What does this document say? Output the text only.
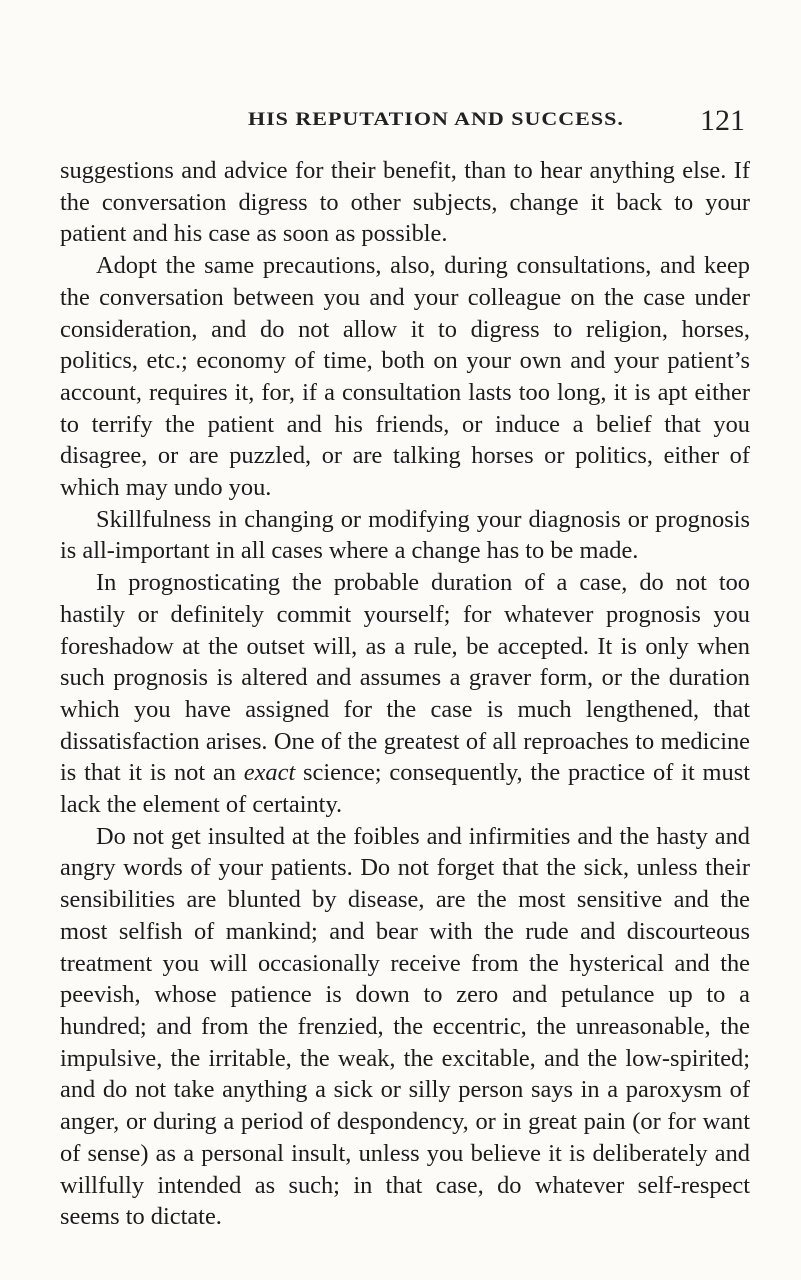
HIS REPUTATION AND SUCCESS.	121

suggestions and advice for their benefit, than to hear anything else. If the conversation digress to other subjects, change it back to your patient and his case as soon as possible.

Adopt the same precautions, also, during consultations, and keep the conversation between you and your colleague on the case under consideration, and do not allow it to digress to religion, horses, politics, etc.; economy of time, both on your own and your patient’s account, requires it, for, if a consultation lasts too long, it is apt either to terrify the patient and his friends, or induce a belief that you disagree, or are puzzled, or are talking horses or politics, either of which may undo you.

Skillfulness in changing or modifying your diagnosis or prognosis is all-important in all cases where a change has to be made.

In prognosticating the probable duration of a case, do not too hastily or definitely commit yourself; for whatever prognosis you foreshadow at the outset will, as a rule, be accepted. It is only when such prognosis is altered and assumes a graver form, or the duration which you have assigned for the case is much lengthened, that dissatisfaction arises. One of the greatest of all reproaches to medicine is that it is not an exact science; consequently, the practice of it must lack the element of certainty.

Do not get insulted at the foibles and infirmities and the hasty and angry words of your patients. Do not forget that the sick, unless their sensibilities are blunted by disease, are the most sensitive and the most selfish of mankind; and bear with the rude and discourteous treatment you will occasionally receive from the hysterical and the peevish, whose patience is down to zero and petulance up to a hundred; and from the frenzied, the eccentric, the unreasonable, the impulsive, the irritable, the weak, the excitable, and the low-spirited; and do not take anything a sick or silly person says in a paroxysm of anger, or during a period of despondency, or in great pain (or for want of sense) as a personal insult, unless you believe it is deliberately and willfully intended as such; in that case, do whatever self-respect seems to dictate.
